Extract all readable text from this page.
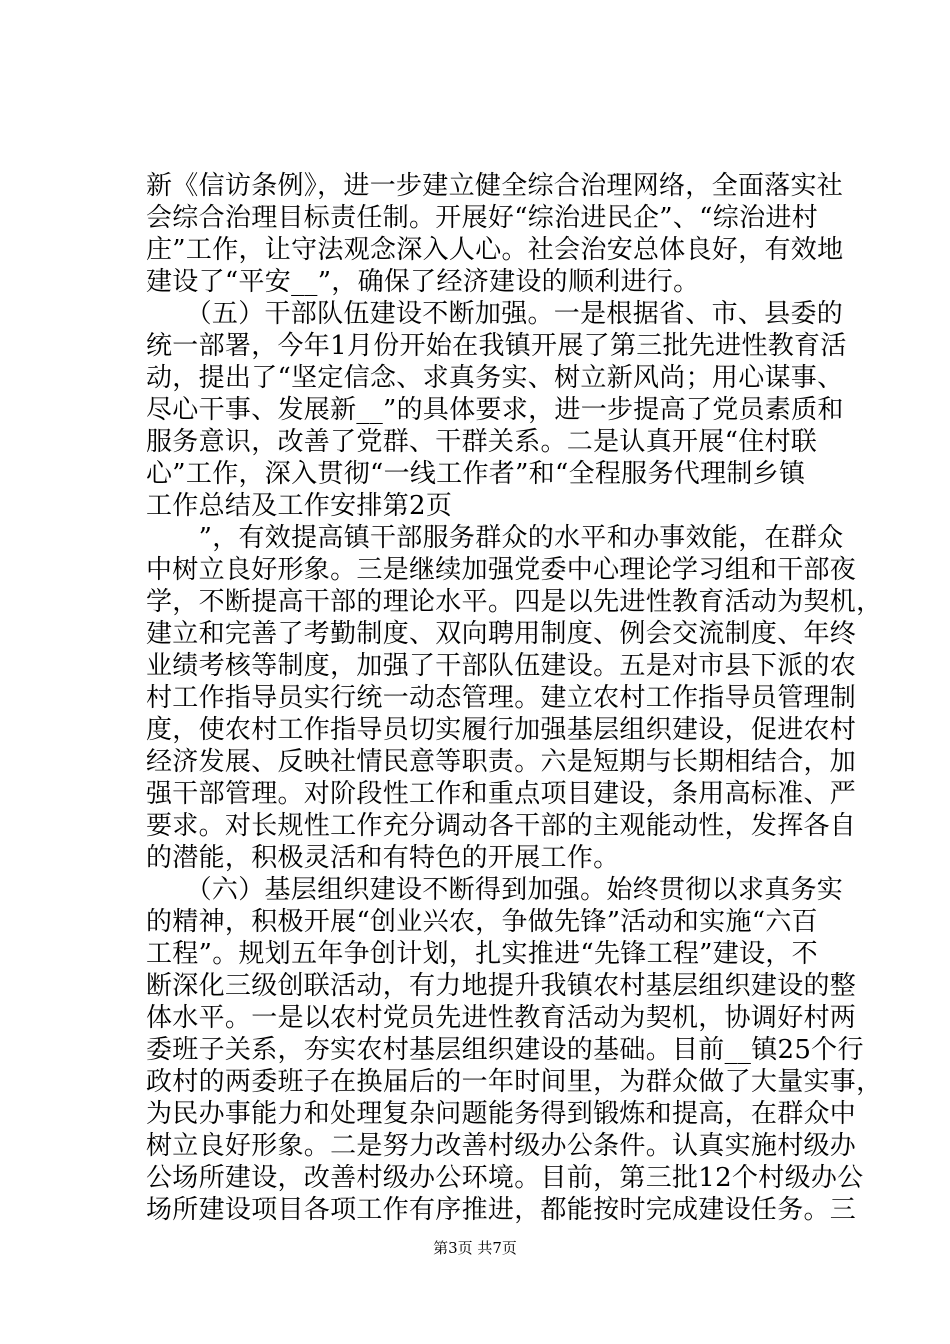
新《信访条例》，进一步建立健全综合治理网络，全面落实社
会综合治理目标责任制。开展好“综治进民企”、“综治进村
庄”工作，让守法观念深入人心。社会治安总体良好，有效地
建设了“平安__”，确保了经济建设的顺利进行。
　　（五）干部队伍建设不断加强。一是根据省、市、县委的
统一部署，今年1月份开始在我镇开展了第三批先进性教育活
动，提出了“坚定信念、求真务实、树立新风尚；用心谋事、
尽心干事、发展新__”的具体要求，进一步提高了党员素质和
服务意识，改善了党群、干群关系。二是认真开展“住村联
心”工作，深入贯彻“一线工作者”和“全程服务代理制乡镇
工作总结及工作安排第2页
　　”，有效提高镇干部服务群众的水平和办事效能，在群众
中树立良好形象。三是继续加强党委中心理论学习组和干部夜
学，不断提高干部的理论水平。四是以先进性教育活动为契机，
建立和完善了考勤制度、双向聘用制度、例会交流制度、年终
业绩考核等制度，加强了干部队伍建设。五是对市县下派的农
村工作指导员实行统一动态管理。建立农村工作指导员管理制
度，使农村工作指导员切实履行加强基层组织建设，促进农村
经济发展、反映社情民意等职责。六是短期与长期相结合，加
强干部管理。对阶段性工作和重点项目建设，条用高标准、严
要求。对长规性工作充分调动各干部的主观能动性，发挥各自
的潜能，积极灵活和有特色的开展工作。
　　（六）基层组织建设不断得到加强。始终贯彻以求真务实
的精神，积极开展“创业兴农，争做先锋”活动和实施“六百
工程”。规划五年争创计划，扎实推进“先锋工程”建设，不
断深化三级创联活动，有力地提升我镇农村基层组织建设的整
体水平。一是以农村党员先进性教育活动为契机，协调好村两
委班子关系，夯实农村基层组织建设的基础。目前__镇25个行
政村的两委班子在换届后的一年时间里，为群众做了大量实事，
为民办事能力和处理复杂问题能务得到锻炼和提高，在群众中
树立良好形象。二是努力改善村级办公条件。认真实施村级办
公场所建设，改善村级办公环境。目前，第三批12个村级办公
场所建设项目各项工作有序推进，都能按时完成建设任务。三
第3页 共7页
